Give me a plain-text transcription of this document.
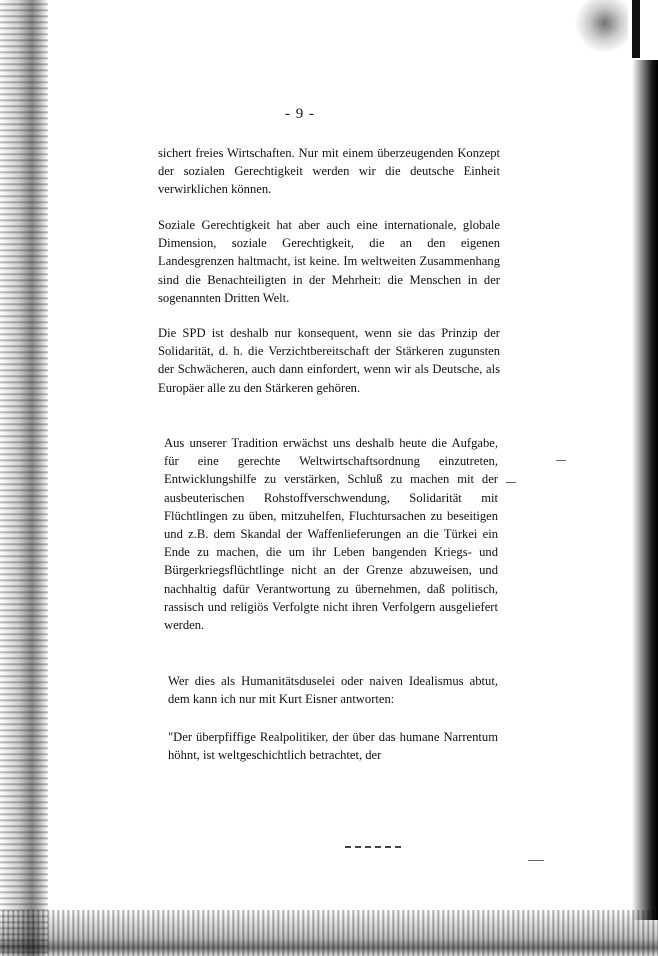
- 9 -

sichert freies Wirtschaften. Nur mit einem überzeugenden Konzept der sozialen Gerechtigkeit werden wir die deutsche Einheit verwirklichen können.

Soziale Gerechtigkeit hat aber auch eine internationale, globale Dimension, soziale Gerechtigkeit, die an den eigenen Landesgrenzen haltmacht, ist keine. Im weltweiten Zusammenhang sind die Benachteiligten in der Mehrheit: die Menschen in der sogenannten Dritten Welt.

Die SPD ist deshalb nur konsequent, wenn sie das Prinzip der Solidarität, d. h. die Verzichtbereitschaft der Stärkeren zugunsten der Schwächeren, auch dann einfordert, wenn wir als Deutsche, als Europäer alle zu den Stärkeren gehören.

Aus unserer Tradition erwächst uns deshalb heute die Aufgabe, für eine gerechte Weltwirtschaftsordnung einzutreten, Entwicklungshilfe zu verstärken, Schluß zu machen mit der ausbeuterischen Rohstoffverschwendung, Solidarität mit Flüchtlingen zu üben, mitzuhelfen, Fluchtursachen zu beseitigen und z.B. dem Skandal der Waffenlieferungen an die Türkei ein Ende zu machen, die um ihr Leben bangenden Kriegs- und Bürgerkriegsflüchtlinge nicht an der Grenze abzuweisen, und nachhaltig dafür Verantwortung zu übernehmen, daß politisch, rassisch und religiös Verfolgte nicht ihren Verfolgern ausgeliefert werden.

Wer dies als Humanitätsduselei oder naiven Idealismus abtut, dem kann ich nur mit Kurt Eisner antworten:

"Der überpfiffige Realpolitiker, der über das humane Narrentum höhnt, ist weltgeschichtlich betrachtet, der
